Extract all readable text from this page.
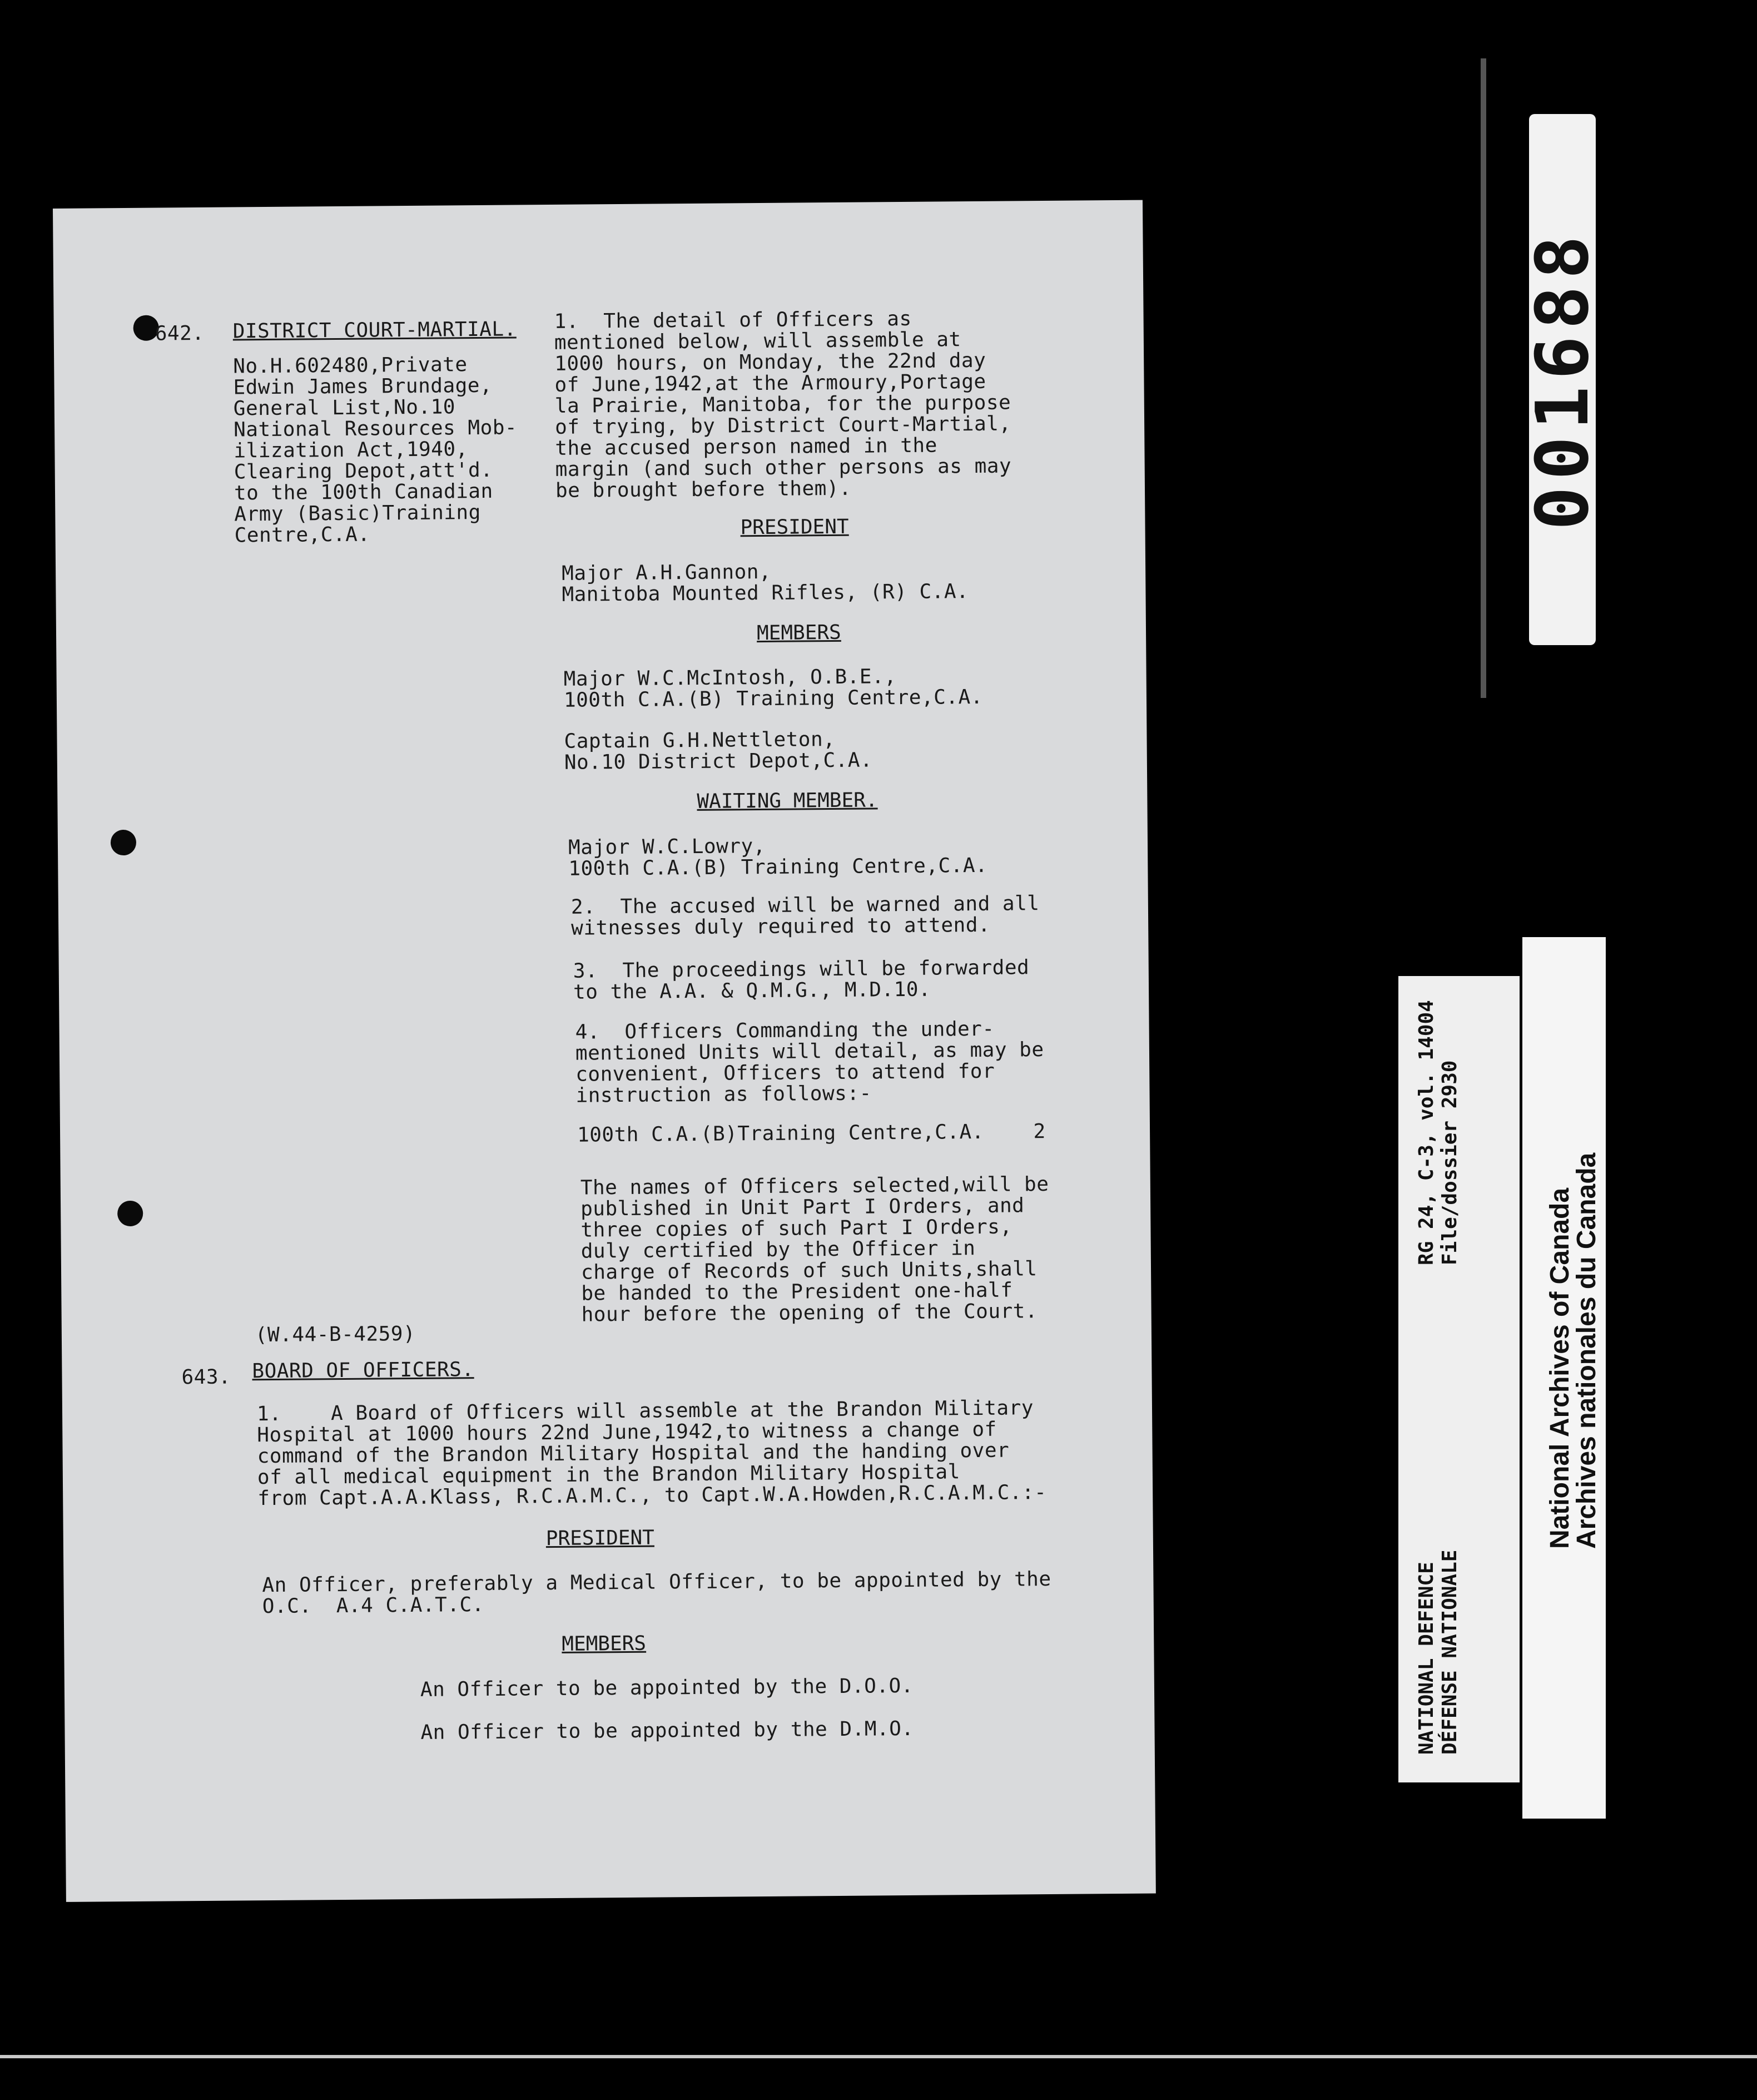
642. DISTRICT COURT-MARTIAL.
No.H.602480,Private
Edwin James Brundage,
General List,No.10
National Resources Mob-
ilization Act,1940,
Clearing Depot,att'd.
to the 100th Canadian
Army (Basic)Training
Centre,C.A.
1.  The detail of Officers as
mentioned below, will assemble at
1000 hours, on Monday, the 22nd day
of June,1942,at the Armoury,Portage
la Prairie, Manitoba, for the purpose
of trying, by District Court-Martial,
the accused person named in the
margin (and such other persons as may
be brought before them).
PRESIDENT
Major A.H.Gannon,
Manitoba Mounted Rifles, (R) C.A.
MEMBERS
Major W.C.McIntosh, O.B.E.,
100th C.A.(B) Training Centre,C.A.
Captain G.H.Nettleton,
No.10 District Depot,C.A.
WAITING MEMBER.
Major W.C.Lowry,
100th C.A.(B) Training Centre,C.A.
2.  The accused will be warned and all
witnesses duly required to attend.
3.  The proceedings will be forwarded
to the A.A. & Q.M.G., M.D.10.
4.  Officers Commanding the under-
mentioned Units will detail, as may be
convenient, Officers to attend for
instruction as follows:-
100th C.A.(B)Training Centre,C.A.    2
The names of Officers selected,will be
published in Unit Part I Orders, and
three copies of such Part I Orders,
duly certified by the Officer in
charge of Records of such Units,shall
be handed to the President one-half
hour before the opening of the Court.
(W.44-B-4259)
643. BOARD OF OFFICERS.
1.    A Board of Officers will assemble at the Brandon Military
Hospital at 1000 hours 22nd June,1942,to witness a change of
command of the Brandon Military Hospital and the handing over
of all medical equipment in the Brandon Military Hospital
from Capt.A.A.Klass, R.C.A.M.C., to Capt.W.A.Howden,R.C.A.M.C.:-
PRESIDENT
An Officer, preferably a Medical Officer, to be appointed by the
O.C.  A.4 C.A.T.C.
MEMBERS
An Officer to be appointed by the D.O.O.
An Officer to be appointed by the D.M.O.
001688
NATIONAL DEFENCE DÉFENSE NATIONALE
RG 24, C-3, vol. 14004 File/dossier 2930
National Archives of Canada
Archives nationales du Canada
